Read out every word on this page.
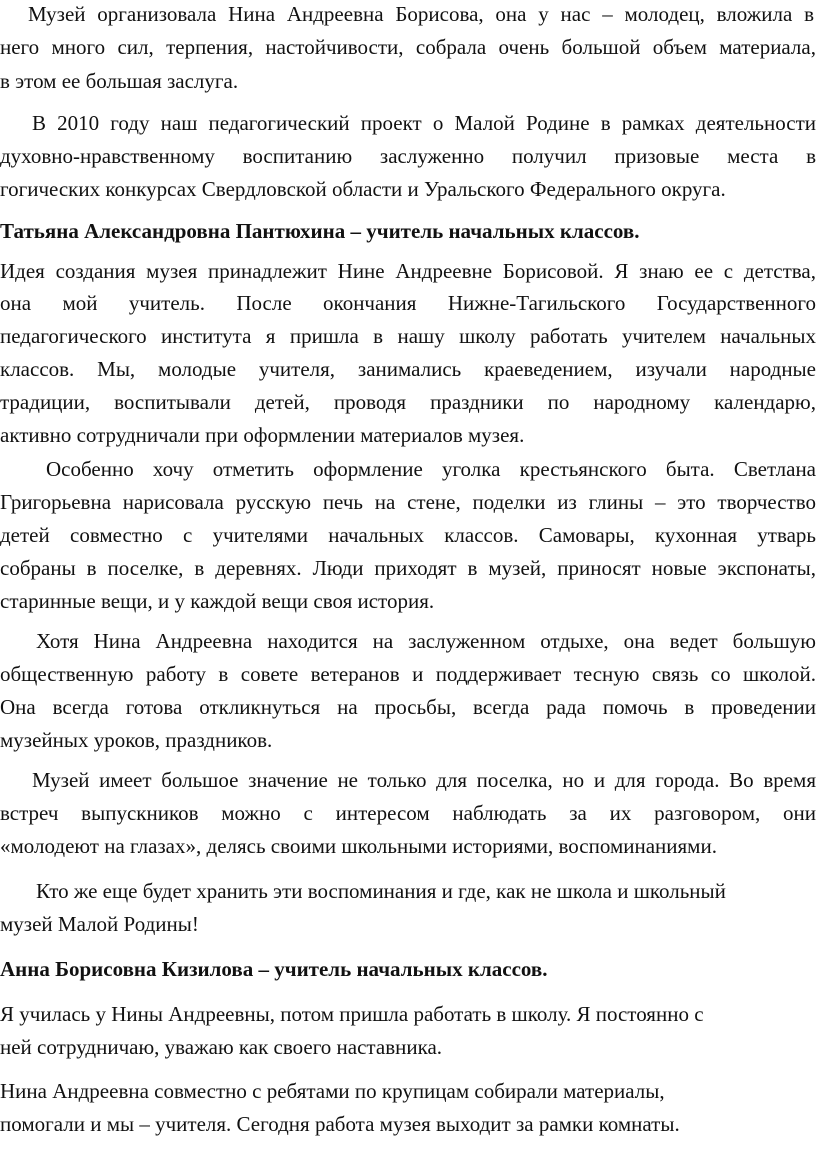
Музей организовала Нина Андреевна Борисова, она у нас – молодец, вложила в
него много сил, терпения, настойчивости, собрала очень большой объем материала,
в этом ее большая заслуга.
В 2010 году наш педагогический проект о Малой Родине в рамках деятельности
духовно-нравственному воспитанию заслуженно получил призовые места в
гогических конкурсах Свердловской области и Уральского Федерального округа.
Татьяна Александровна Пантюхина – учитель начальных классов.
Идея создания музея принадлежит Нине Андреевне Борисовой. Я знаю ее с детства,
она мой учитель. После окончания Нижне-Тагильского Государственного
педагогического института я пришла в нашу школу работать учителем начальных
классов. Мы, молодые учителя, занимались краеведением, изучали народные
традиции, воспитывали детей, проводя праздники по народному календарю,
активно сотрудничали при оформлении материалов музея.
Особенно хочу отметить оформление уголка крестьянского быта. Светлана
Григорьевна нарисовала русскую печь на стене, поделки из глины – это творчество
детей совместно с учителями начальных классов. Самовары, кухонная утварь
собраны в поселке, в деревнях. Люди приходят в музей, приносят новые экспонаты,
старинные вещи, и у каждой вещи своя история.
Хотя Нина Андреевна находится на заслуженном отдыхе, она ведет большую
общественную работу в совете ветеранов и поддерживает тесную связь со школой.
Она всегда готова откликнуться на просьбы, всегда рада помочь в проведении
музейных уроков, праздников.
Музей имеет большое значение не только для поселка, но и для города. Во время
встреч выпускников можно с интересом наблюдать за их разговором, они
«молодеют на глазах», делясь своими школьными историями, воспоминаниями.
Кто же еще будет хранить эти воспоминания и где, как не школа и школьный
музей Малой Родины!
Анна Борисовна Кизилова – учитель начальных классов.
Я училась у Нины Андреевны, потом пришла работать в школу. Я постоянно с
ней сотрудничаю, уважаю как своего наставника.
Нина Андреевна совместно с ребятами по крупицам собирали материалы,
помогали и мы – учителя. Сегодня работа музея выходит за рамки комнаты.
